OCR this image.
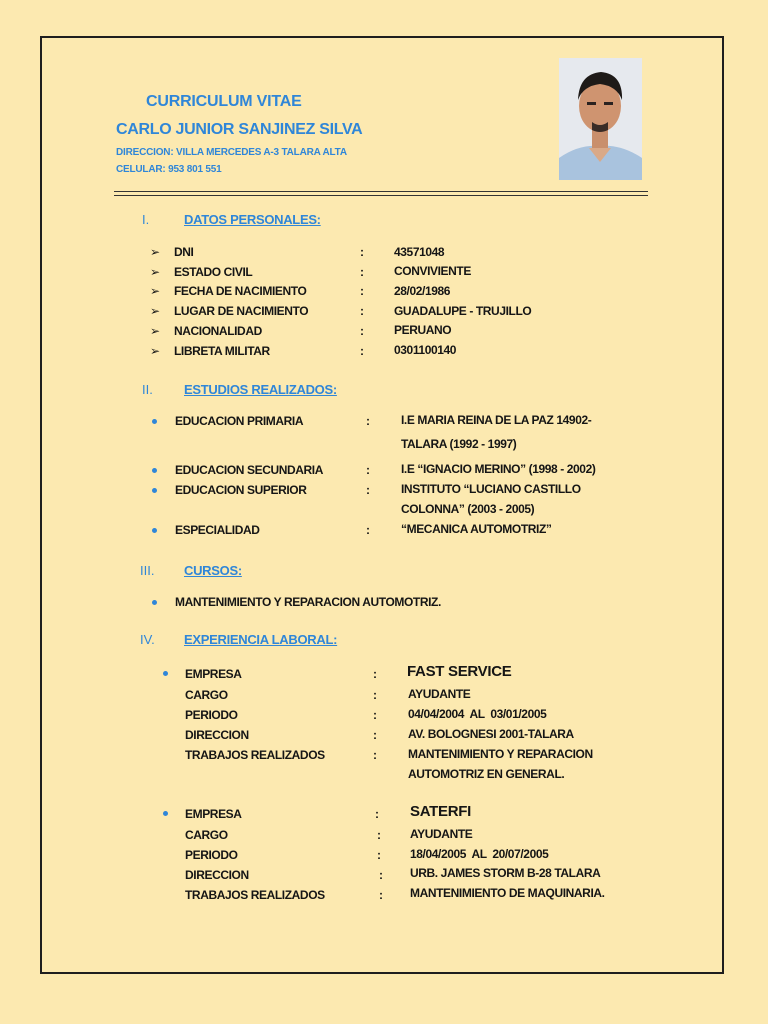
CURRICULUM VITAE
CARLO JUNIOR SANJINEZ SILVA
DIRECCION: VILLA MERCEDES A-3 TALARA ALTA
CELULAR: 953 801 551
I.	DATOS PERSONALES:
➢ DNI	:	43571048
➢ ESTADO CIVIL	:	CONVIVIENTE
➢ FECHA DE NACIMIENTO	:	28/02/1986
➢ LUGAR DE NACIMIENTO	:	GUADALUPE - TRUJILLO
➢ NACIONALIDAD	:	PERUANO
➢ LIBRETA MILITAR	:	0301100140
II. ESTUDIOS REALIZADOS:
EDUCACION PRIMARIA	:	I.E MARIA REINA DE LA PAZ 14902-
TALARA (1992 - 1997)
EDUCACION SECUNDARIA	:	I.E “IGNACIO MERINO” (1998 - 2002)
EDUCACION SUPERIOR	:	INSTITUTO “LUCIANO CASTILLO
COLONNA” (2003 - 2005)
ESPECIALIDAD	:	“MECANICA AUTOMOTRIZ”
III. CURSOS:
MANTENIMIENTO Y REPARACION AUTOMOTRIZ.
IV. EXPERIENCIA LABORAL:
EMPRESA	: FAST SERVICE
CARGO	:	AYUDANTE
PERIODO	:	04/04/2004  AL  03/01/2005
DIRECCION	:	AV. BOLOGNESI 2001-TALARA
TRABAJOS REALIZADOS	:	MANTENIMIENTO Y REPARACION
AUTOMOTRIZ EN GENERAL.
EMPRESA	: SATERFI
CARGO	: AYUDANTE
PERIODO	: 18/04/2005  AL  20/07/2005
DIRECCION	: URB. JAMES STORM B-28 TALARA
TRABAJOS REALIZADOS	: MANTENIMIENTO DE MAQUINARIA.
